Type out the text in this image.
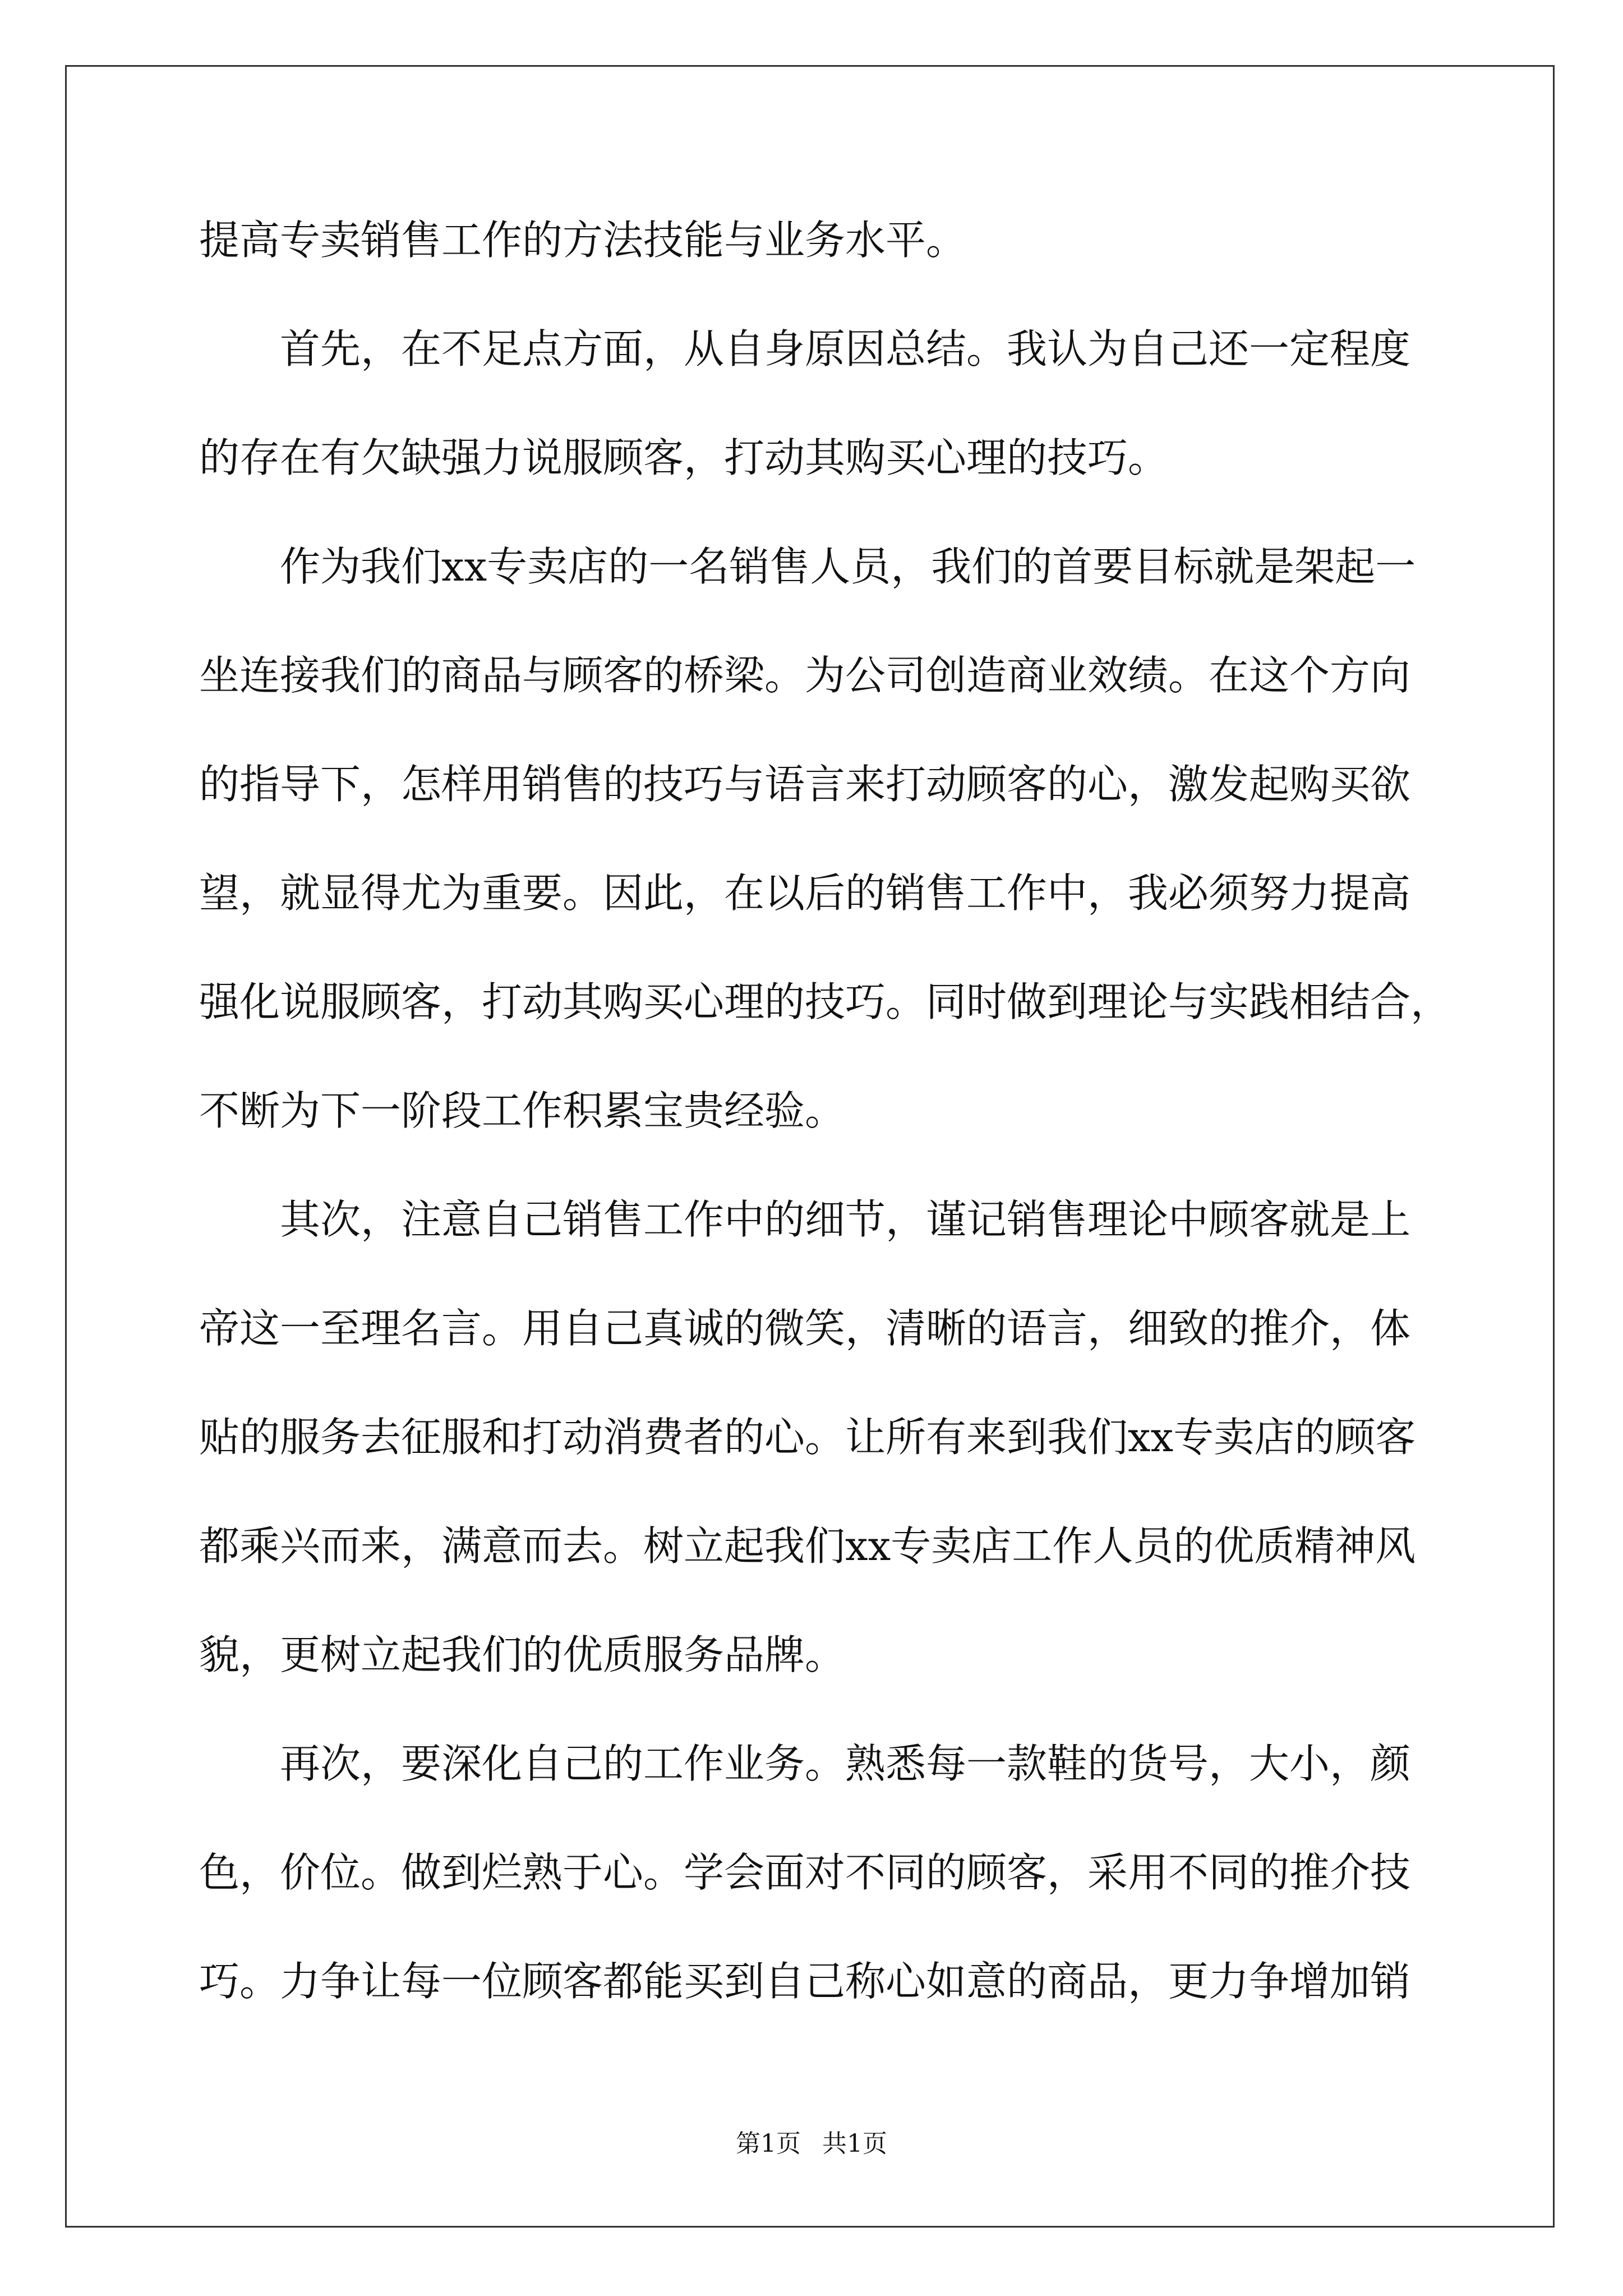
提高专卖销售工作的方法技能与业务水平。
　　首先，在不足点方面，从自身原因总结。我认为自己还一定程度
的存在有欠缺强力说服顾客，打动其购买心理的技巧。
　　作为我们xx专卖店的一名销售人员，我们的首要目标就是架起一
坐连接我们的商品与顾客的桥梁。为公司创造商业效绩。在这个方向
的指导下，怎样用销售的技巧与语言来打动顾客的心，激发起购买欲
望，就显得尤为重要。因此，在以后的销售工作中，我必须努力提高
强化说服顾客，打动其购买心理的技巧。同时做到理论与实践相结合，
不断为下一阶段工作积累宝贵经验。
　　其次，注意自己销售工作中的细节，谨记销售理论中顾客就是上
帝这一至理名言。用自己真诚的微笑，清晰的语言，细致的推介，体
贴的服务去征服和打动消费者的心。让所有来到我们xx专卖店的顾客
都乘兴而来，满意而去。树立起我们xx专卖店工作人员的优质精神风
貌，更树立起我们的优质服务品牌。
　　再次，要深化自己的工作业务。熟悉每一款鞋的货号，大小，颜
色，价位。做到烂熟于心。学会面对不同的顾客，采用不同的推介技
巧。力争让每一位顾客都能买到自己称心如意的商品，更力争增加销
第1页 共1页
